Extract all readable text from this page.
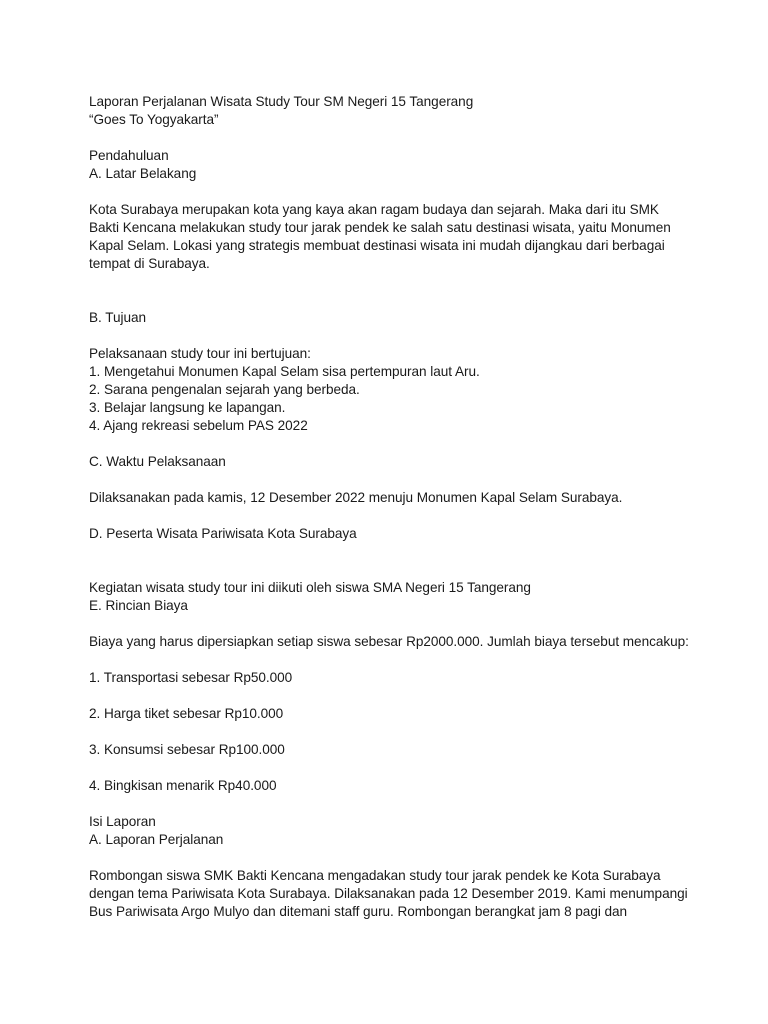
Laporan Perjalanan Wisata Study Tour SM Negeri 15 Tangerang
“Goes To Yogyakarta”
Pendahuluan
A. Latar Belakang
Kota Surabaya merupakan kota yang kaya akan ragam budaya dan sejarah. Maka dari itu SMK
Bakti Kencana melakukan study tour jarak pendek ke salah satu destinasi wisata, yaitu Monumen
Kapal Selam. Lokasi yang strategis membuat destinasi wisata ini mudah dijangkau dari berbagai
tempat di Surabaya.
B. Tujuan
Pelaksanaan study tour ini bertujuan:
1. Mengetahui Monumen Kapal Selam sisa pertempuran laut Aru.
2. Sarana pengenalan sejarah yang berbeda.
3. Belajar langsung ke lapangan.
4. Ajang rekreasi sebelum PAS 2022
C. Waktu Pelaksanaan
Dilaksanakan pada kamis, 12 Desember 2022 menuju Monumen Kapal Selam Surabaya.
D. Peserta Wisata Pariwisata Kota Surabaya
Kegiatan wisata study tour ini diikuti oleh siswa SMA Negeri 15 Tangerang
E. Rincian Biaya
Biaya yang harus dipersiapkan setiap siswa sebesar Rp2000.000. Jumlah biaya tersebut mencakup:
1. Transportasi sebesar Rp50.000
2. Harga tiket sebesar Rp10.000
3. Konsumsi sebesar Rp100.000
4. Bingkisan menarik Rp40.000
Isi Laporan
A. Laporan Perjalanan
Rombongan siswa SMK Bakti Kencana mengadakan study tour jarak pendek ke Kota Surabaya
dengan tema Pariwisata Kota Surabaya. Dilaksanakan pada 12 Desember 2019. Kami menumpangi
Bus Pariwisata Argo Mulyo dan ditemani staff guru. Rombongan berangkat jam 8 pagi dan
